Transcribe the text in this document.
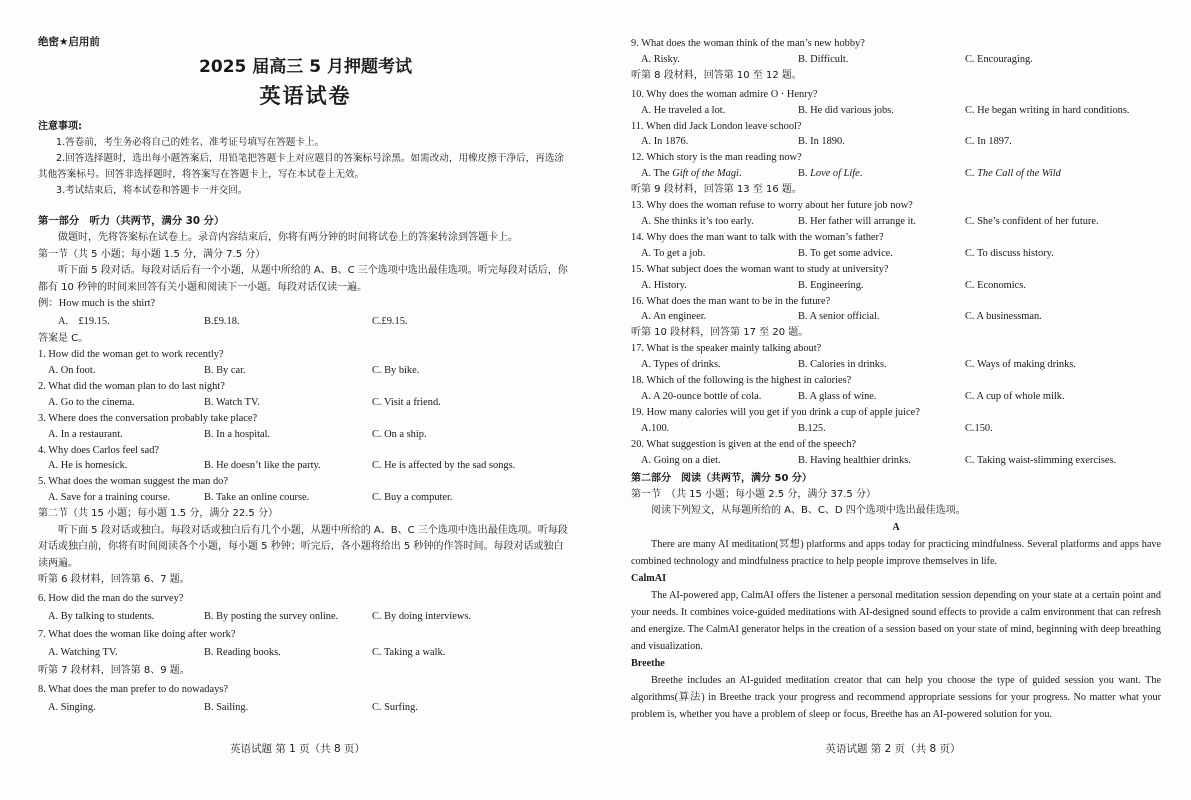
绝密★启用前
2025 届高三 5 月押题考试
英语试卷
注意事项:
1.答卷前，考生务必将自己的姓名、准考证号填写在答题卡上。
2.回答选择题时，选出每小题答案后，用铅笔把答题卡上对应题目的答案标号涂黑。如需改动，用橡皮擦干净后，再选涂其他答案标号。回答非选择题时，将答案写在答题卡上，写在本试卷上无效。
3.考试结束后，将本试卷和答题卡一并交回。
第一部分　听力（共两节，满分 30 分）
做题时，先将答案标在试卷上。录音内容结束后，你将有两分钟的时间将试卷上的答案转涂到答题卡上。
第一节（共 5 小题；每小题 1.5 分，满分 7.5 分）
听下面 5 段对话。每段对话后有一个小题，从题中所给的 A、B、C 三个选项中选出最佳选项。听完每段对话后，你都有 10 秒钟的时间来回答有关小题和阅读下一小题。每段对话仅读一遍。
例：How much is the shirt?
A.　£19.15.	B.£9.18.	C.£9.15.
答案是 C。
1. How did the woman get to work recently?
A. On foot.	B. By car.	C. By bike.
2. What did the woman plan to do last night?
A. Go to the cinema.	B. Watch TV.	C. Visit a friend.
3. Where does the conversation probably take place?
A. In a restaurant.	B. In a hospital.	C. On a ship.
4. Why does Carlos feel sad?
A. He is homesick.	B. He doesn’t like the party.	C. He is affected by the sad songs.
5. What does the woman suggest the man do?
A. Save for a training course.	B. Take an online course.	C. Buy a computer.
第二节（共 15 小题；每小题 1.5 分，满分 22.5 分）
听下面 5 段对话或独白。每段对话或独白后有几个小题，从题中所给的 A、B、C 三个选项中选出最佳选项。听每段对话或独白前，你将有时间阅读各个小题，每小题 5 秒钟；听完后，各小题将给出 5 秒钟的作答时间。每段对话或独白读两遍。
听第 6 段材料，回答第 6、7 题。
6. How did the man do the survey?
A. By talking to students.	B. By posting the survey online.	C. By doing interviews.
7. What does the woman like doing after work?
A. Watching TV.	B. Reading books.	C. Taking a walk.
听第 7 段材料，回答第 8、9 题。
8. What does the man prefer to do nowadays?
A. Singing.	B. Sailing.	C. Surfing.
英语试题 第 1 页（共 8 页）
9. What does the woman think of the man’s new hobby?
A. Risky.	B. Difficult.	C. Encouraging.
听第 8 段材料，回答第 10 至 12 题。
10. Why does the woman admire O · Henry?
A. He traveled a lot.	B. He did various jobs.	C. He began writing in hard conditions.
11. When did Jack London leave school?
A. In 1876.	B. In 1890.	C. In 1897.
12. Which story is the man reading now?
A. The Gift of the Magi.	B. Love of Life.	C. The Call of the Wild
听第 9 段材料，回答第 13 至 16 题。
13. Why does the woman refuse to worry about her future job now?
A. She thinks it’s too early.	B. Her father will arrange it.	C. She’s confident of her future.
14. Why does the man want to talk with the woman’s father?
A. To get a job.	B. To get some advice.	C. To discuss history.
15. What subject does the woman want to study at university?
A. History.	B. Engineering.	C. Economics.
16. What does the man want to be in the future?
A. An engineer.	B. A senior official.	C. A businessman.
听第 10 段材料，回答第 17 至 20 题。
17. What is the speaker mainly talking about?
A. Types of drinks.	B. Calories in drinks.	C. Ways of making drinks.
18. Which of the following is the highest in calories?
A. A 20-ounce bottle of cola.	B. A glass of wine.	C. A cup of whole milk.
19. How many calories will you get if you drink a cup of apple juice?
A.100.	B.125.	C.150.
20. What suggestion is given at the end of the speech?
A. Going on a diet.	B. Having healthier drinks.	C. Taking waist-slimming exercises.
第二部分　阅读（共两节，满分 50 分）
第一节　（共 15 小题；每小题 2.5 分，满分 37.5 分）
阅读下列短文，从每题所给的 A、B、C、D 四个选项中选出最佳选项。
A
There are many AI meditation(冥想) platforms and apps today for practicing mindfulness. Several platforms and apps have combined technology and mindfulness practice to help people improve themselves in life.
CalmAI
The AI-powered app, CalmAI offers the listener a personal meditation session depending on your state at a certain point and your needs. It combines voice-guided meditations with AI-designed sound effects to provide a calm environment that can refresh and energize. The CalmAI generator helps in the creation of a session based on your state of mind, beginning with deep breathing and visualization.
Breethe
Breethe includes an AI-guided meditation creator that can help you choose the type of guided session you want. The algorithms(算法) in Breethe track your progress and recommend appropriate sessions for your progress. No matter what your problem is, whether you have a problem of sleep or focus, Breethe has an AI-powered solution for you.
英语试题 第 2 页（共 8 页）
